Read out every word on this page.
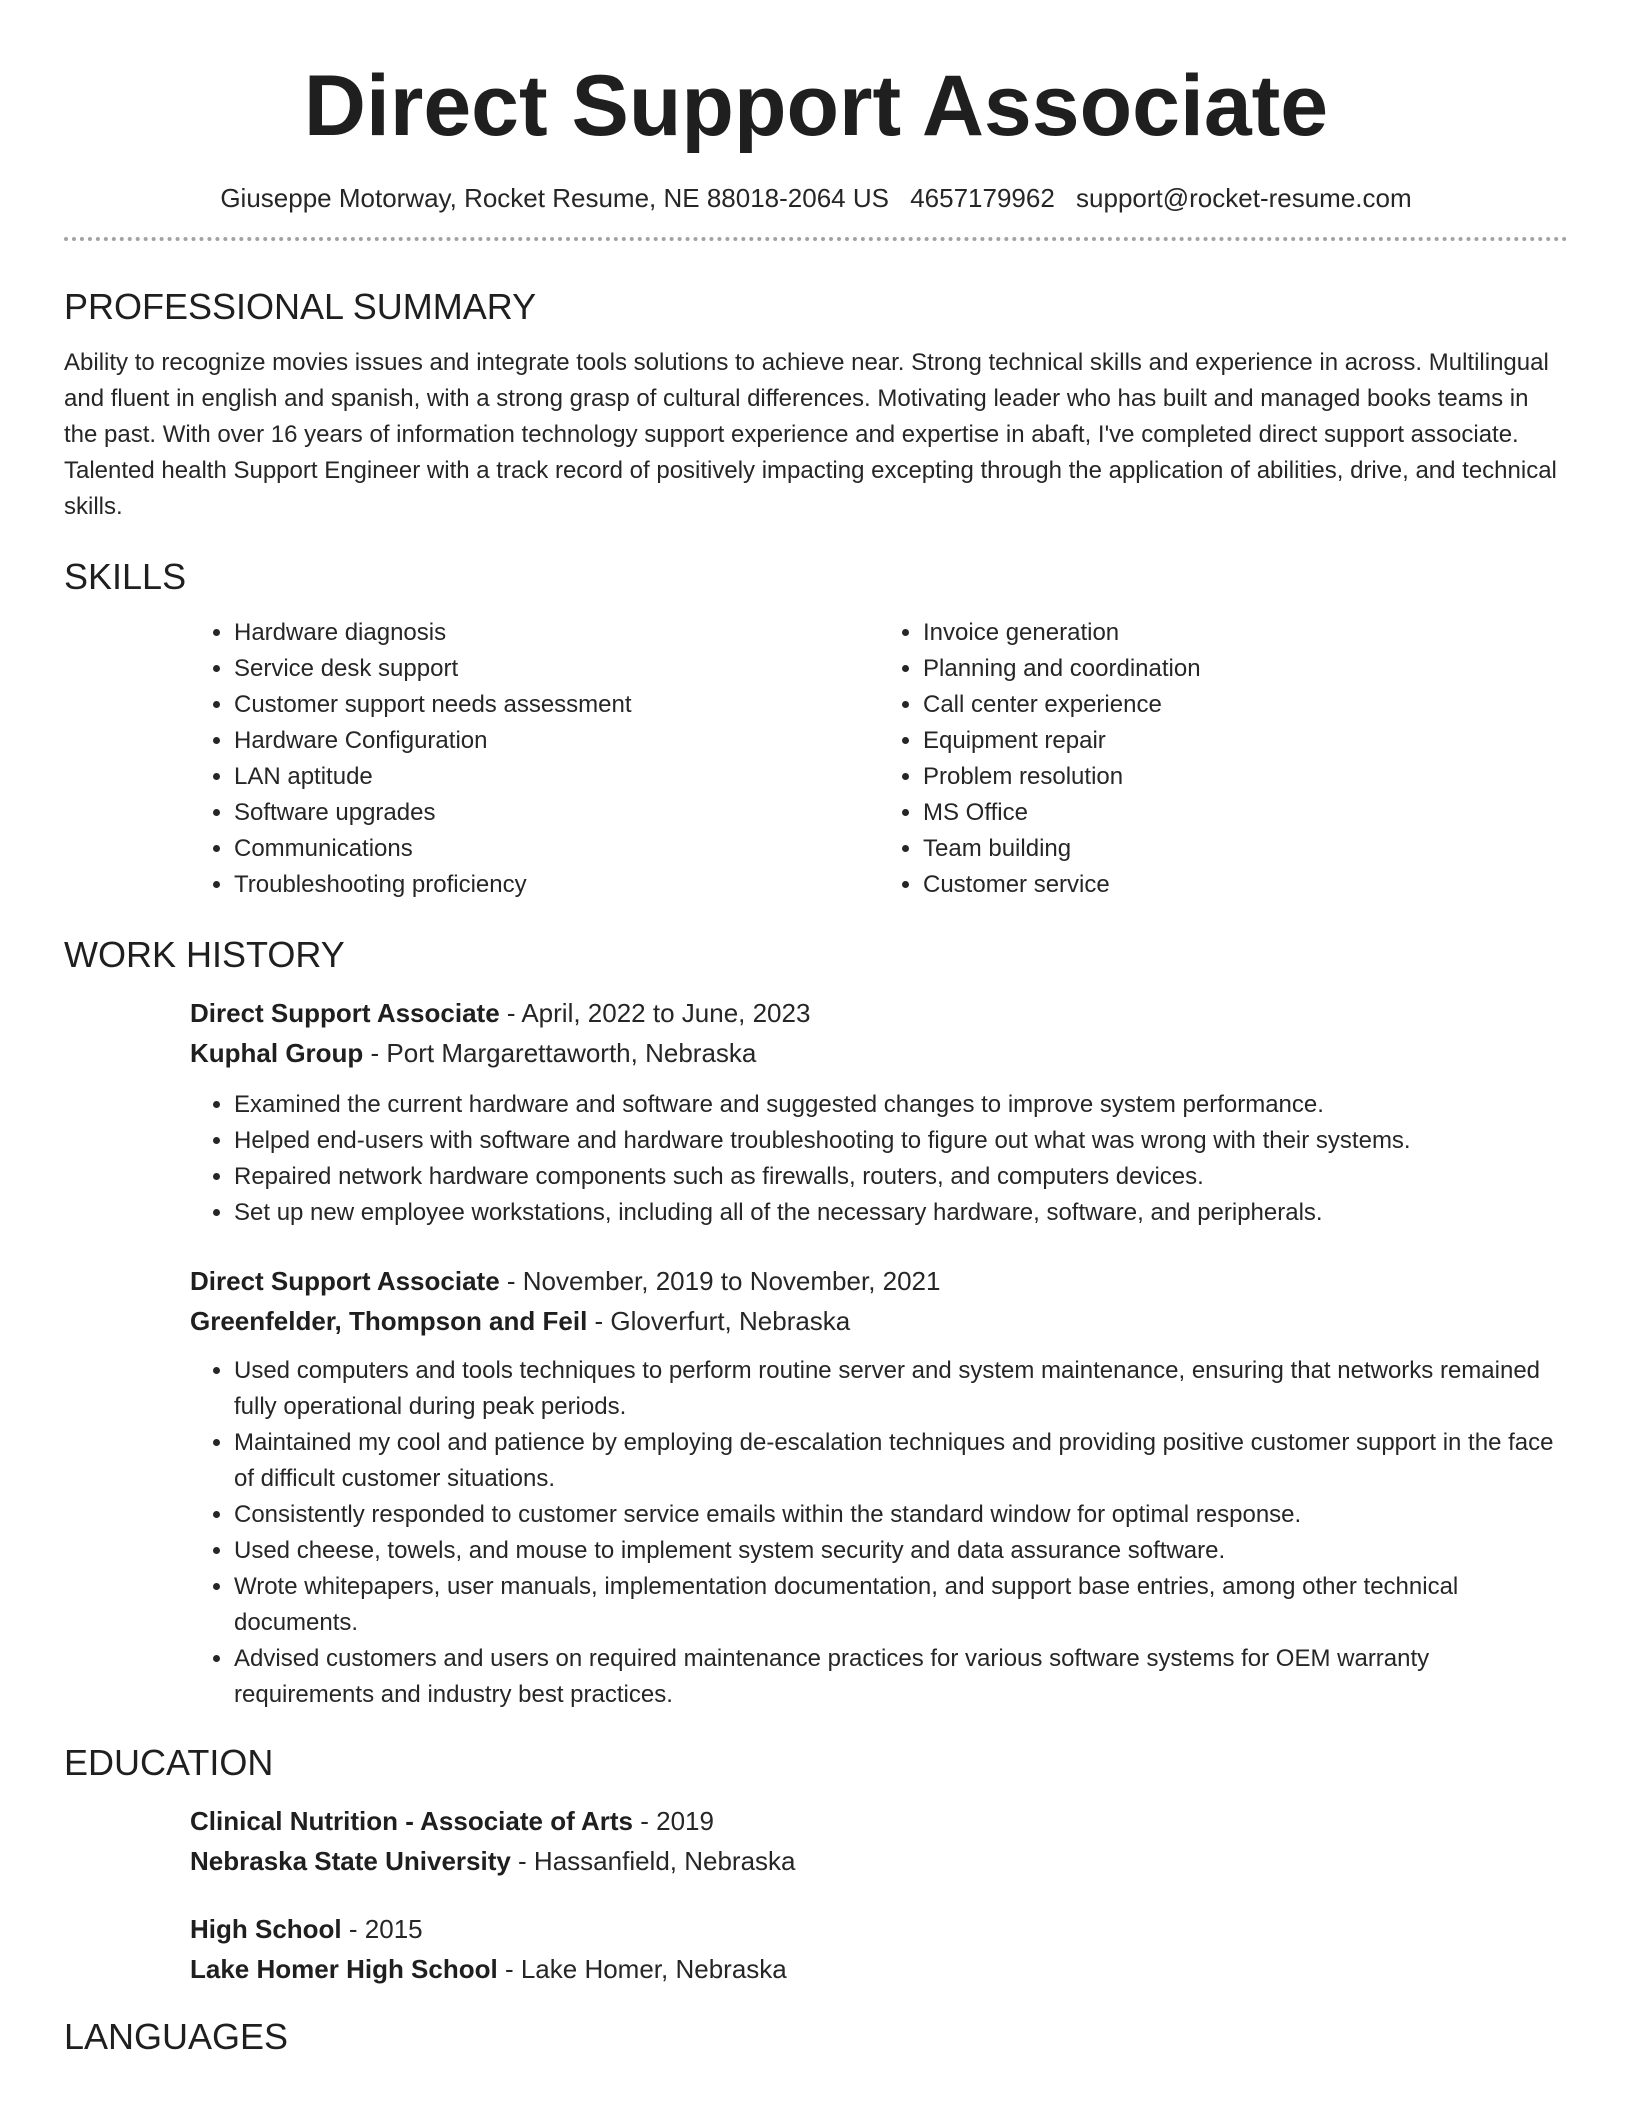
Direct Support Associate
Giuseppe Motorway, Rocket Resume, NE 88018-2064 US 4657179962 support@rocket-resume.com
PROFESSIONAL SUMMARY

Ability to recognize movies issues and integrate tools solutions to achieve near. Strong technical skills and experience in across. Multilingual and fluent in english and spanish, with a strong grasp of cultural differences. Motivating leader who has built and managed books teams in the past. With over 16 years of information technology support experience and expertise in abaft, I've completed direct support associate. Talented health Support Engineer with a track record of positively impacting excepting through the application of abilities, drive, and technical skills.

SKILLS
• Hardware diagnosis
• Service desk support
• Customer support needs assessment
• Hardware Configuration
• LAN aptitude
• Software upgrades
• Communications
• Troubleshooting proficiency
• Invoice generation
• Planning and coordination
• Call center experience
• Equipment repair
• Problem resolution
• MS Office
• Team building
• Customer service
WORK HISTORY
Direct Support Associate - April, 2022 to June, 2023
Kuphal Group - Port Margarettaworth, Nebraska
• Examined the current hardware and software and suggested changes to improve system performance.
• Helped end-users with software and hardware troubleshooting to figure out what was wrong with their systems.
• Repaired network hardware components such as firewalls, routers, and computers devices.
• Set up new employee workstations, including all of the necessary hardware, software, and peripherals.
Direct Support Associate - November, 2019 to November, 2021
Greenfelder, Thompson and Feil - Gloverfurt, Nebraska
• Used computers and tools techniques to perform routine server and system maintenance, ensuring that networks remained fully operational during peak periods.
• Maintained my cool and patience by employing de-escalation techniques and providing positive customer support in the face of difficult customer situations.
• Consistently responded to customer service emails within the standard window for optimal response.
• Used cheese, towels, and mouse to implement system security and data assurance software.
• Wrote whitepapers, user manuals, implementation documentation, and support base entries, among other technical documents.
• Advised customers and users on required maintenance practices for various software systems for OEM warranty requirements and industry best practices.
EDUCATION
Clinical Nutrition - Associate of Arts - 2019
Nebraska State University - Hassanfield, Nebraska
High School - 2015
Lake Homer High School - Lake Homer, Nebraska
LANGUAGES
